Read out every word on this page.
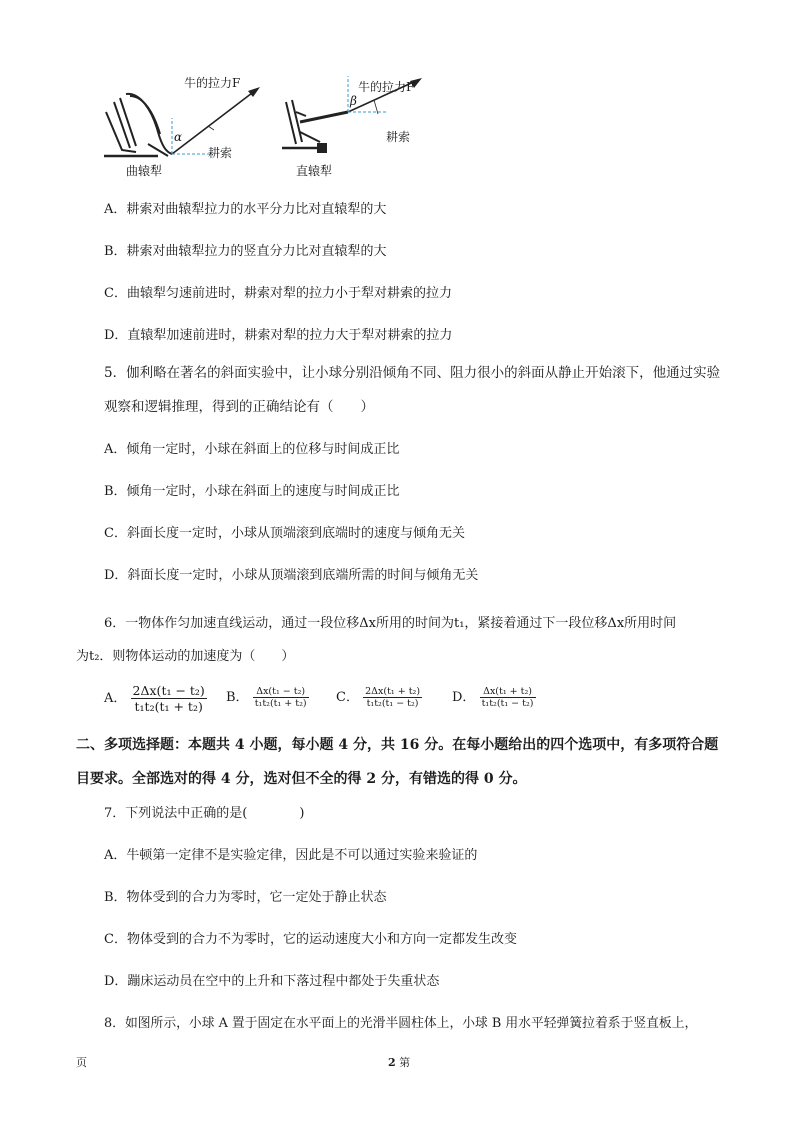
牛的拉力F
α
耕索
曲辕犁
牛的拉力F
β
耕索
直辕犁
A．耕索对曲辕犁拉力的水平分力比对直辕犁的大
B．耕索对曲辕犁拉力的竖直分力比对直辕犁的大
C．曲辕犁匀速前进时，耕索对犁的拉力小于犁对耕索的拉力
D．直辕犁加速前进时，耕索对犁的拉力大于犁对耕索的拉力
5．伽利略在著名的斜面实验中，让小球分别沿倾角不同、阻力很小的斜面从静止开始滚下，他通过实验观察和逻辑推理，得到的正确结论有（　　）
A．倾角一定时，小球在斜面上的位移与时间成正比
B．倾角一定时，小球在斜面上的速度与时间成正比
C．斜面长度一定时，小球从顶端滚到底端时的速度与倾角无关
D．斜面长度一定时，小球从顶端滚到底端所需的时间与倾角无关
6．一物体作匀加速直线运动，通过一段位移Δx所用的时间为t₁，紧接着通过下一段位移Δx所用时间
为t₂．则物体运动的加速度为（　　）
A． $\frac{\text{2Δx(t₁ − t₂)}}{\text{t₁t₂(t₁ + t₂)}}$ B． $\frac{\text{Δx(t₁ − t₂)}}{\text{t₁t₂(t₁ + t₂)}}$ C． $\frac{\text{2Δx(t₁ + t₂)}}{\text{t₁t₂(t₁ − t₂)}}$ D． $\frac{\text{Δx(t₁ + t₂)}}{\text{t₁t₂(t₁ − t₂)}}$
二、多项选择题：本题共 4 小题，每小题 4 分，共 16 分。在每小题给出的四个选项中，有多项符合题目要求。全部选对的得 4 分，选对但不全的得 2 分，有错选的得 0 分。
7．下列说法中正确的是(　　　　)
A．牛顿第一定律不是实验定律，因此是不可以通过实验来验证的
B．物体受到的合力为零时，它一定处于静止状态
C．物体受到的合力不为零时，它的运动速度大小和方向一定都发生改变
D．蹦床运动员在空中的上升和下落过程中都处于失重状态
8．如图所示，小球 A 置于固定在水平面上的光滑半圆柱体上，小球 B 用水平轻弹簧拉着系于竖直板上，
页	2 第
